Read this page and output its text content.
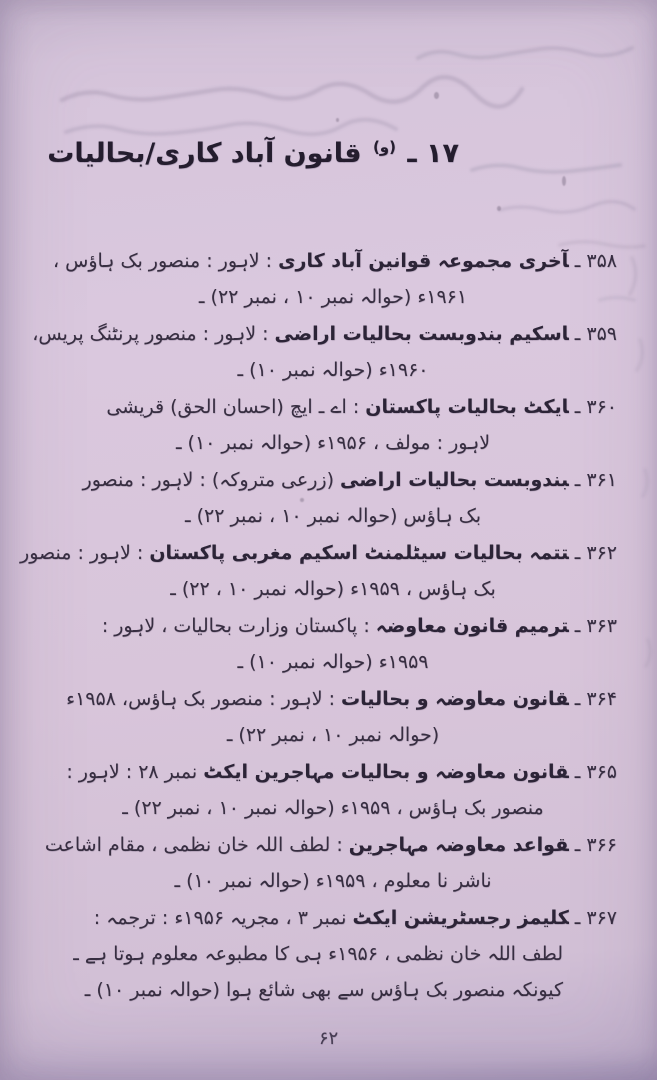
۱۷ ـ $^{(و)}$ قانون آباد کاری/بحالیات
۳۵۸ ـآخری مجموعہ قوانین آباد کاری : لاہور : منصور بک ہاؤس ،
۱۹۶۱ء (حوالہ نمبر ۱۰ ، نمبر ۲۲) ـ
۳۵۹ ـاسکیم بندوبست بحالیات اراضی : لاہور : منصور پرنٹنگ پریس،
۱۹۶۰ء (حوالہ نمبر ۱۰) ـ
۳۶۰ ـایکٹ بحالیات پاکستان : اے ـ ایچ (احسان الحق) قریشی
لاہور : مولف ، ۱۹۵۶ء (حوالہ نمبر ۱۰) ـ
۳۶۱ ـبندوبست بحالیات اراضی (زرعی متروکہ) : لاہور : منصور
بک ہاؤس (حوالہ نمبر ۱۰ ، نمبر ۲۲) ـ
۳۶۲ ـتتمہ بحالیات سیٹلمنٹ اسکیم مغربی پاکستان : لاہور : منصور
بک ہاؤس ، ۱۹۵۹ء (حوالہ نمبر ۱۰ ، ۲۲) ـ
۳۶۳ ـترمیم قانون معاوضہ : پاکستان وزارت بحالیات ، لاہور :
۱۹۵۹ء (حوالہ نمبر ۱۰) ـ
۳۶۴ ـقانون معاوضہ و بحالیات : لاہور : منصور بک ہاؤس، ۱۹۵۸ء
(حوالہ نمبر ۱۰ ، نمبر ۲۲) ـ
۳۶۵ ـقانون معاوضہ و بحالیات مہاجرین ایکٹ نمبر ۲۸ : لاہور :
منصور بک ہاؤس ، ۱۹۵۹ء (حوالہ نمبر ۱۰ ، نمبر ۲۲) ـ
۳۶۶ ـقواعد معاوضہ مہاجرین : لطف اللہ خان نظمی ، مقام اشاعت
ناشر نا معلوم ، ۱۹۵۹ء (حوالہ نمبر ۱۰) ـ
۳۶۷ ـکلیمز رجسٹریشن ایکٹ نمبر ۳ ، مجریہ ۱۹۵۶ء : ترجمہ :
لطف اللہ خان نظمی ، ۱۹۵۶ء ہی کا مطبوعہ معلوم ہوتا ہے ـ
کیونکہ منصور بک ہاؤس سے بھی شائع ہوا (حوالہ نمبر ۱۰) ـ
۶۲
